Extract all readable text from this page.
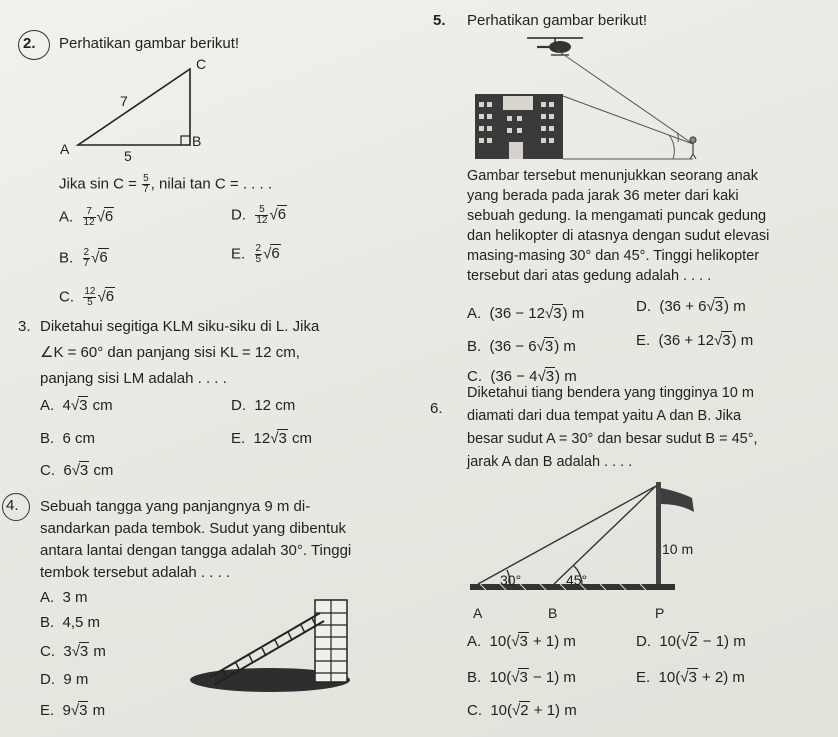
2. Perhatikan gambar berikut!
C
A	B
7
5
Jika $\sin C = \frac{5}{7}$ , nilai tan C = . . . .
A. $\frac{7}{12} √6$
B. $\frac{2}{7} √6$
C. $\frac{12}{5} √6$
D. $\frac{5}{12} √6$
E. $\frac{2}{5} √6$
3. Diketahui segitiga KLM siku-siku di L. Jika
∠K = 60° dan panjang sisi KL = 12 cm,
panjang sisi LM adalah . . . .
A. 4√3 cm
B. 6 cm
C. 6√3 cm
D. 12 cm
E. 12√3 cm
4. Sebuah tangga yang panjangnya 9 m di-
sandarkan pada tembok. Sudut yang dibentuk
antara lantai dengan tangga adalah 30°. Tinggi
tembok tersebut adalah . . . .
A. 3 m
B. 4,5 m
C. 3√3 m
D. 9 m
E. 9√3 m
5. Perhatikan gambar berikut!
Gambar tersebut menunjukkan seorang anak
yang berada pada jarak 36 meter dari kaki
sebuah gedung. Ia mengamati puncak gedung
dan helikopter di atasnya dengan sudut elevasi
masing-masing 30° dan 45°. Tinggi helikopter
tersebut dari atas gedung adalah . . . .
A. (36 − 12√3) m
B. (36 − 6√3) m
C. (36 − 4√3) m
D. (36 + 6√3) m
E. (36 + 12√3) m
6.
Diketahui tiang bendera yang tingginya 10 m
diamati dari dua tempat yaitu A dan B. Jika
besar sudut A = 30° dan besar sudut B = 45°,
jarak A dan B adalah . . . .
10 m
30°	45°
A	B	P
A. 10(√3 + 1) m
B. 10(√3 − 1) m
C. 10(√2 + 1) m
D. 10(√2 − 1) m
E. 10(√3 + 2) m
